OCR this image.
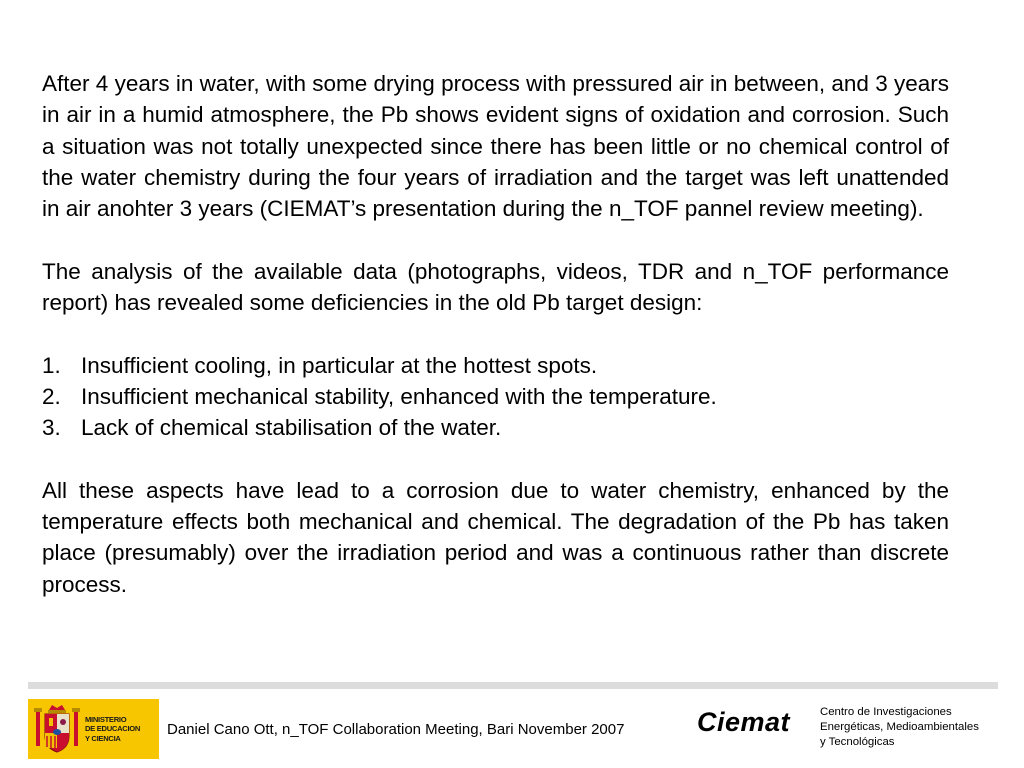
After 4 years in water, with some drying process with pressured air in between, and 3 years in air in a humid atmosphere, the Pb shows evident signs of oxidation and corrosion. Such a situation was not totally unexpected since there has been little or no chemical control of the water chemistry during the four years of irradiation and the target was left unattended in air anohter 3 years (CIEMAT’s presentation during the n_TOF pannel review meeting).

The analysis of the available data (photographs, videos, TDR and n_TOF performance report) has revealed some deficiencies in the old Pb target design:

1. Insufficient cooling, in particular at the hottest spots.
2. Insufficient mechanical stability, enhanced with the temperature.
3. Lack of chemical stabilisation of the water.

All these aspects have lead to a corrosion due to water chemistry, enhanced by the temperature effects both mechanical and chemical. The degradation of the Pb has taken place (presumably) over the irradiation period and was a continuous rather than discrete process.

MINISTERIO
DE EDUCACION
Y CIENCIA
Daniel Cano Ott, n_TOF Collaboration Meeting, Bari November 2007	Ciemat	Centro de Investigaciones
Energéticas, Medioambientales
y Tecnológicas
